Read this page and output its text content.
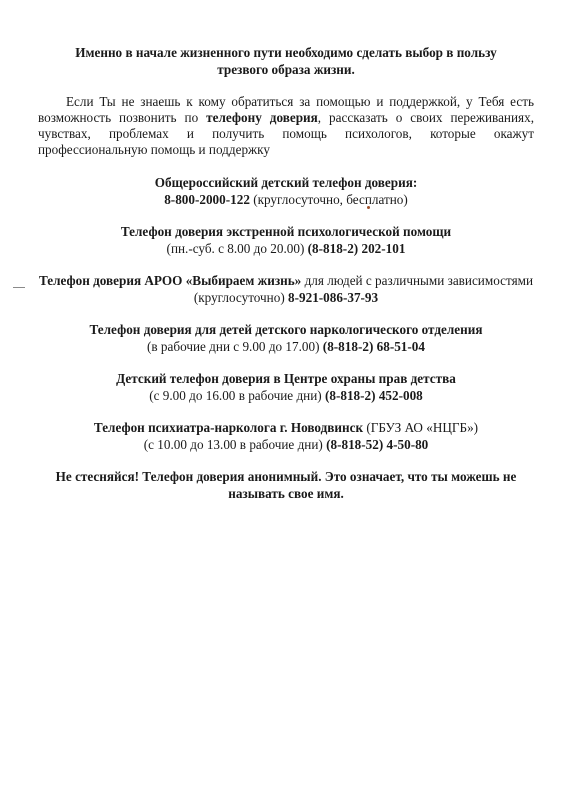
Именно в начале жизненного пути необходимо сделать выбор в пользу трезвого образа жизни.

Если Ты не знаешь к кому обратиться за помощью и поддержкой, у Тебя есть возможность позвонить по телефону доверия, рассказать о своих переживаниях, чувствах, проблемах и получить помощь психологов, которые окажут профессиональную помощь и поддержку

Общероссийский детский телефон доверия:
8-800-2000-122 (круглосуточно, бесплатно)
Телефон доверия экстренной психологической помощи
(пн.-суб. с 8.00 до 20.00) (8-818-2) 202-101
Телефон доверия АРОО «Выбираем жизнь» для людей с различными зависимостями (круглосуточно) 8-921-086-37-93
Телефон доверия для детей детского наркологического отделения
(в рабочие дни с 9.00 до 17.00) (8-818-2) 68-51-04
Детский телефон доверия в Центре охраны прав детства
(с 9.00 до 16.00 в рабочие дни) (8-818-2) 452-008
Телефон психиатра-нарколога г. Новодвинск (ГБУЗ АО «НЦГБ»)
(с 10.00 до 13.00 в рабочие дни) (8-818-52) 4-50-80

Не стесняйся! Телефон доверия анонимный. Это означает, что ты можешь не называть свое имя.
